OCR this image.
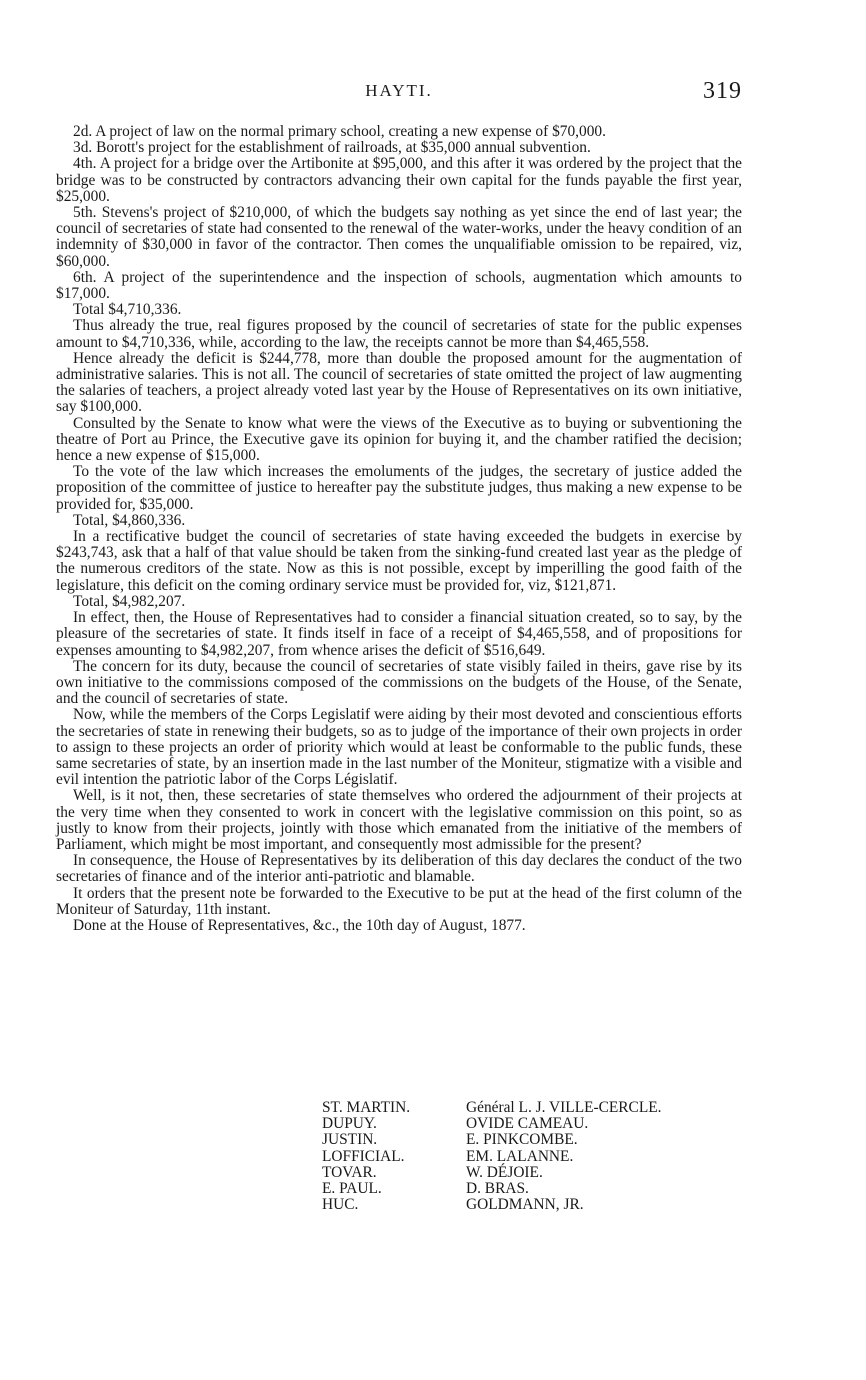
HAYTI.	319

2d. A project of law on the normal primary school, creating a new expense of $70,000.

3d. Borott's project for the establishment of railroads, at $35,000 annual subvention.

4th. A project for a bridge over the Artibonite at $95,000, and this after it was ordered by the project that the bridge was to be constructed by contractors advancing their own capital for the funds payable the first year, $25,000.

5th. Stevens's project of $210,000, of which the budgets say nothing as yet since the end of last year; the council of secretaries of state had consented to the renewal of the water-works, under the heavy condition of an indemnity of $30,000 in favor of the contractor. Then comes the unqualifiable omission to be repaired, viz, $60,000.

6th. A project of the superintendence and the inspection of schools, augmentation which amounts to $17,000.

Total $4,710,336.

Thus already the true, real figures proposed by the council of secretaries of state for the public expenses amount to $4,710,336, while, according to the law, the receipts cannot be more than $4,465,558.

Hence already the deficit is $244,778, more than double the proposed amount for the augmentation of administrative salaries. This is not all. The council of secretaries of state omitted the project of law augmenting the salaries of teachers, a project already voted last year by the House of Representatives on its own initiative, say $100,000.

Consulted by the Senate to know what were the views of the Executive as to buying or subventioning the theatre of Port au Prince, the Executive gave its opinion for buying it, and the chamber ratified the decision; hence a new expense of $15,000.

To the vote of the law which increases the emoluments of the judges, the secretary of justice added the proposition of the committee of justice to hereafter pay the substitute judges, thus making a new expense to be provided for, $35,000.

Total, $4,860,336.

In a rectificative budget the council of secretaries of state having exceeded the budgets in exercise by $243,743, ask that a half of that value should be taken from the sinking-fund created last year as the pledge of the numerous creditors of the state. Now as this is not possible, except by imperilling the good faith of the legislature, this deficit on the coming ordinary service must be provided for, viz, $121,871.

Total, $4,982,207.

In effect, then, the House of Representatives had to consider a financial situation created, so to say, by the pleasure of the secretaries of state. It finds itself in face of a receipt of $4,465,558, and of propositions for expenses amounting to $4,982,207, from whence arises the deficit of $516,649.

The concern for its duty, because the council of secretaries of state visibly failed in theirs, gave rise by its own initiative to the commissions composed of the commissions on the budgets of the House, of the Senate, and the council of secretaries of state.

Now, while the members of the Corps Legislatif were aiding by their most devoted and conscientious efforts the secretaries of state in renewing their budgets, so as to judge of the importance of their own projects in order to assign to these projects an order of priority which would at least be conformable to the public funds, these same secretaries of state, by an insertion made in the last number of the Moniteur, stigmatize with a visible and evil intention the patriotic labor of the Corps Législatif.

Well, is it not, then, these secretaries of state themselves who ordered the adjournment of their projects at the very time when they consented to work in concert with the legislative commission on this point, so as justly to know from their projects, jointly with those which emanated from the initiative of the members of Parliament, which might be most important, and consequently most admissible for the present?

In consequence, the House of Representatives by its deliberation of this day declares the conduct of the two secretaries of finance and of the interior anti-patriotic and blamable.

It orders that the present note be forwarded to the Executive to be put at the head of the first column of the Moniteur of Saturday, 11th instant.

Done at the House of Representatives, &c., the 10th day of August, 1877.

ST. MARTIN.
DUPUY.
JUSTIN.
LOFFICIAL.
TOVAR.
E. PAUL.
HUC.
Général L. J. VILLE-CERCLE.
OVIDE CAMEAU.
E. PINKCOMBE.
EM. LALANNE.
W. DÉJOIE.
D. BRAS.
GOLDMANN, JR.
